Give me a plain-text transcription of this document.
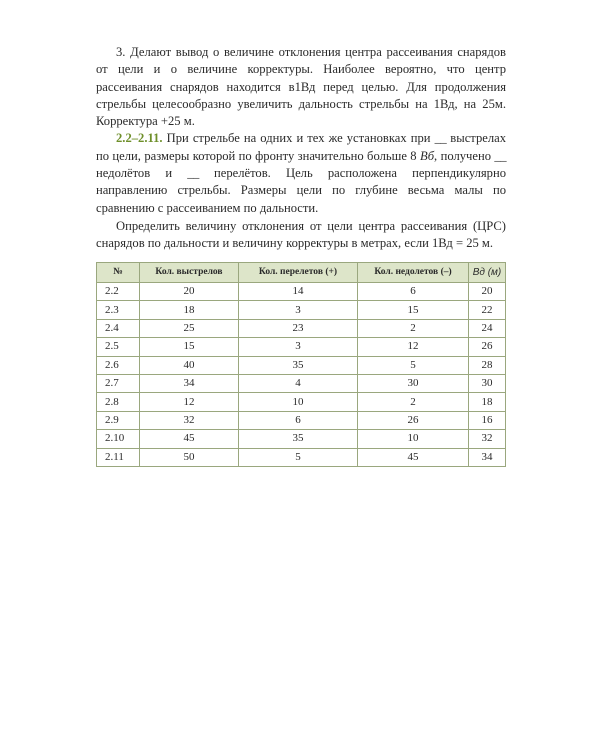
3. Делают вывод о величине отклонения центра рассеивания снарядов от цели и о величине корректуры. Наиболее вероятно, что центр рассеивания снарядов находится в1Вд перед целью. Для продолжения стрельбы целесообразно увеличить дальность стрельбы на 1Вд, на 25м. Корректура +25 м.

2.2–2.11. При стрельбе на одних и тех же установках при __ выстрелах по цели, размеры которой по фронту значительно больше 8 Вб, получено __ недолётов и __ перелётов. Цель расположена перпендикулярно направлению стрельбы. Размеры цели по глубине весьма малы по сравнению с рассеиванием по дальности.

Определить величину отклонения от цели центра рассеивания (ЦРС) снарядов по дальности и величину корректуры в метрах, если 1Вд = 25 м.

№	Кол. выстрелов	Кол. перелетов (+)	Кол. недолетов (–)	Вд (м)
2.2	20	14	6	20
2.3	18	3	15	22
2.4	25	23	2	24
2.5	15	3	12	26
2.6	40	35	5	28
2.7	34	4	30	30
2.8	12	10	2	18
2.9	32	6	26	16
2.10	45	35	10	32
2.11	50	5	45	34
